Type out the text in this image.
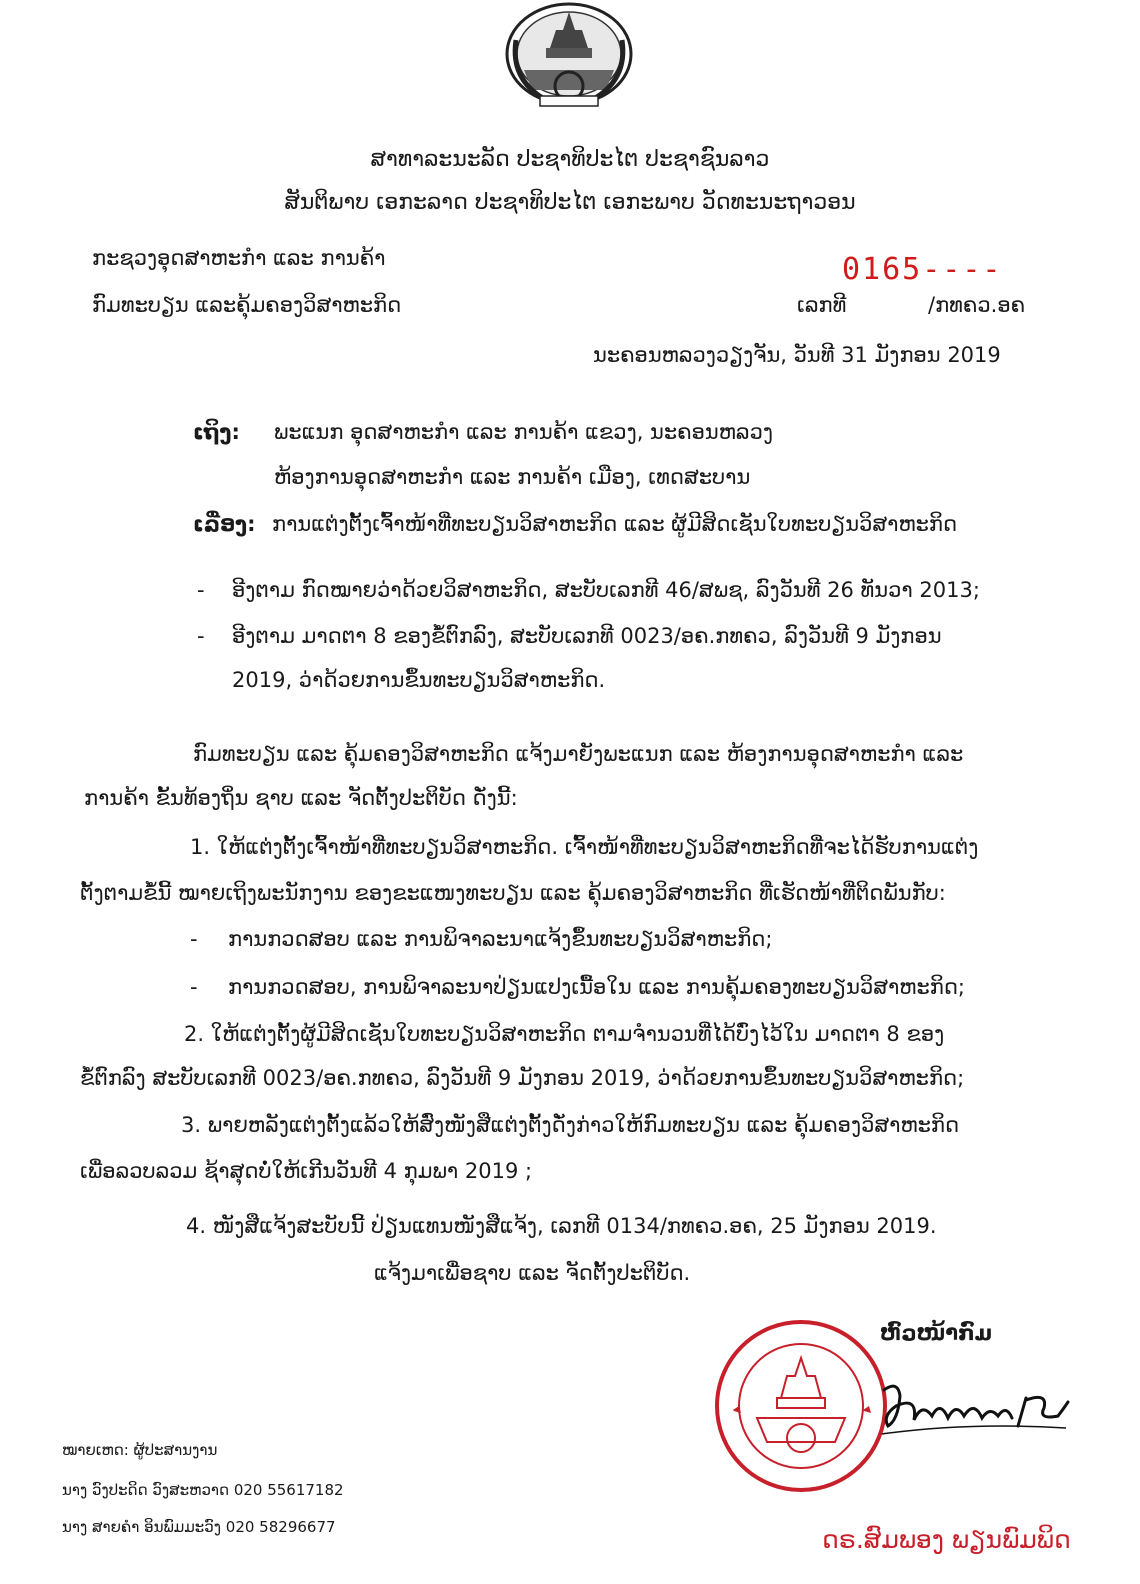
ສາທາລະນະລັດ ປະຊາທິປະໄຕ ປະຊາຊົນລາວ
ສັນຕິພາບ ເອກະລາດ ປະຊາທິປະໄຕ ເອກະພາບ ວັດທະນະຖາວອນ
ກະຊວງອຸດສາຫະກຳ ແລະ ການຄ້າ
ກົມທະບຽນ ແລະຄຸ້ມຄອງວິສາຫະກິດ
0165----
ເລກທີ	/ກທຄວ.ອຄ
ນະຄອນຫລວງວຽງຈັນ, ວັນທີ 31 ມັງກອນ 2019
ເຖິງ: ພະແນກ ອຸດສາຫະກຳ ແລະ ການຄ້າ ແຂວງ, ນະຄອນຫລວງ
ຫ້ອງການອຸດສາຫະກຳ ແລະ ການຄ້າ ເມືອງ, ເທດສະບານ
ເລື່ອງ: ການແຕ່ງຕັ້ງເຈົ້າໜ້າທີ່ທະບຽນວິສາຫະກິດ ແລະ ຜູ້ມີສິດເຊັນໃບທະບຽນວິສາຫະກິດ
- ອີງຕາມ ກົດໝາຍວ່າດ້ວຍວິສາຫະກິດ, ສະບັບເລກທີ 46/ສພຊ, ລົງວັນທີ 26 ທັນວາ 2013;
- ອີງຕາມ ມາດຕາ 8 ຂອງຂໍ້ຕົກລົງ, ສະບັບເລກທີ 0023/ອຄ.ກທຄວ, ລົງວັນທີ 9 ມັງກອນ
2019, ວ່າດ້ວຍການຂຶ້ນທະບຽນວິສາຫະກິດ.
ກົມທະບຽນ ແລະ ຄຸ້ມຄອງວິສາຫະກິດ ແຈ້ງມາຍັງພະແນກ ແລະ ຫ້ອງການອຸດສາຫະກຳ ແລະ
ການຄ້າ ຂັ້ນທ້ອງຖິ່ນ ຊາບ ແລະ ຈັດຕັ້ງປະຕິບັດ ດັ່ງນີ້:
1. ໃຫ້ແຕ່ງຕັ້ງເຈົ້າໜ້າທີ່ທະບຽນວິສາຫະກິດ. ເຈົ້າໜ້າທີ່ທະບຽນວິສາຫະກິດທີ່ຈະໄດ້ຮັບການແຕ່ງ
ຕັ້ງຕາມຂໍ້ນີ້ ໝາຍເຖິງພະນັກງານ ຂອງຂະແໜງທະບຽນ ແລະ ຄຸ້ມຄອງວິສາຫະກິດ ທີ່ເຮັດໜ້າທີ່ຕິດພັນກັບ:
- ການກວດສອບ ແລະ ການພິຈາລະນາແຈ້ງຂຶ້ນທະບຽນວິສາຫະກິດ;
- ການກວດສອບ, ການພິຈາລະນາປ່ຽນແປງເນື້ອໃນ ແລະ ການຄຸ້ມຄອງທະບຽນວິສາຫະກິດ;
2. ໃຫ້ແຕ່ງຕັ້ງຜູ້ມີສິດເຊັນໃບທະບຽນວິສາຫະກິດ ຕາມຈຳນວນທີ່ໄດ້ບົ່ງໄວ້ໃນ ມາດຕາ 8 ຂອງ
ຂໍ້ຕົກລົງ ສະບັບເລກທີ 0023/ອຄ.ກທຄວ, ລົງວັນທີ 9 ມັງກອນ 2019, ວ່າດ້ວຍການຂຶ້ນທະບຽນວິສາຫະກິດ;
3. ພາຍຫລັງແຕ່ງຕັ້ງແລ້ວໃຫ້ສົ່ງໜັງສືແຕ່ງຕັ້ງດັ່ງກ່າວໃຫ້ກົມທະບຽນ ແລະ ຄຸ້ມຄອງວິສາຫະກິດ
ເພື່ອລວບລວມ ຊ້າສຸດບໍ່ໃຫ້ເກີນວັນທີ 4 ກຸມພາ 2019 ;
4. ໜັງສືແຈ້ງສະບັບນີ້ ປ່ຽນແທນໜັງສືແຈ້ງ, ເລກທີ 0134/ກທຄວ.ອຄ, 25 ມັງກອນ 2019.
ແຈ້ງມາເພື່ອຊາບ ແລະ ຈັດຕັ້ງປະຕິບັດ.
ຫົວໜ້າກົມ
ດຣ.ສົມພອງ ພຽນພົມພິດ
ໝາຍເຫດ: ຜູ້ປະສານງານ
ນາງ ວົງປະດິດ ວົງສະຫວາດ 020 55617182
ນາງ ສາຍຄຳ ອິນພົມມະວົງ 020 58296677
